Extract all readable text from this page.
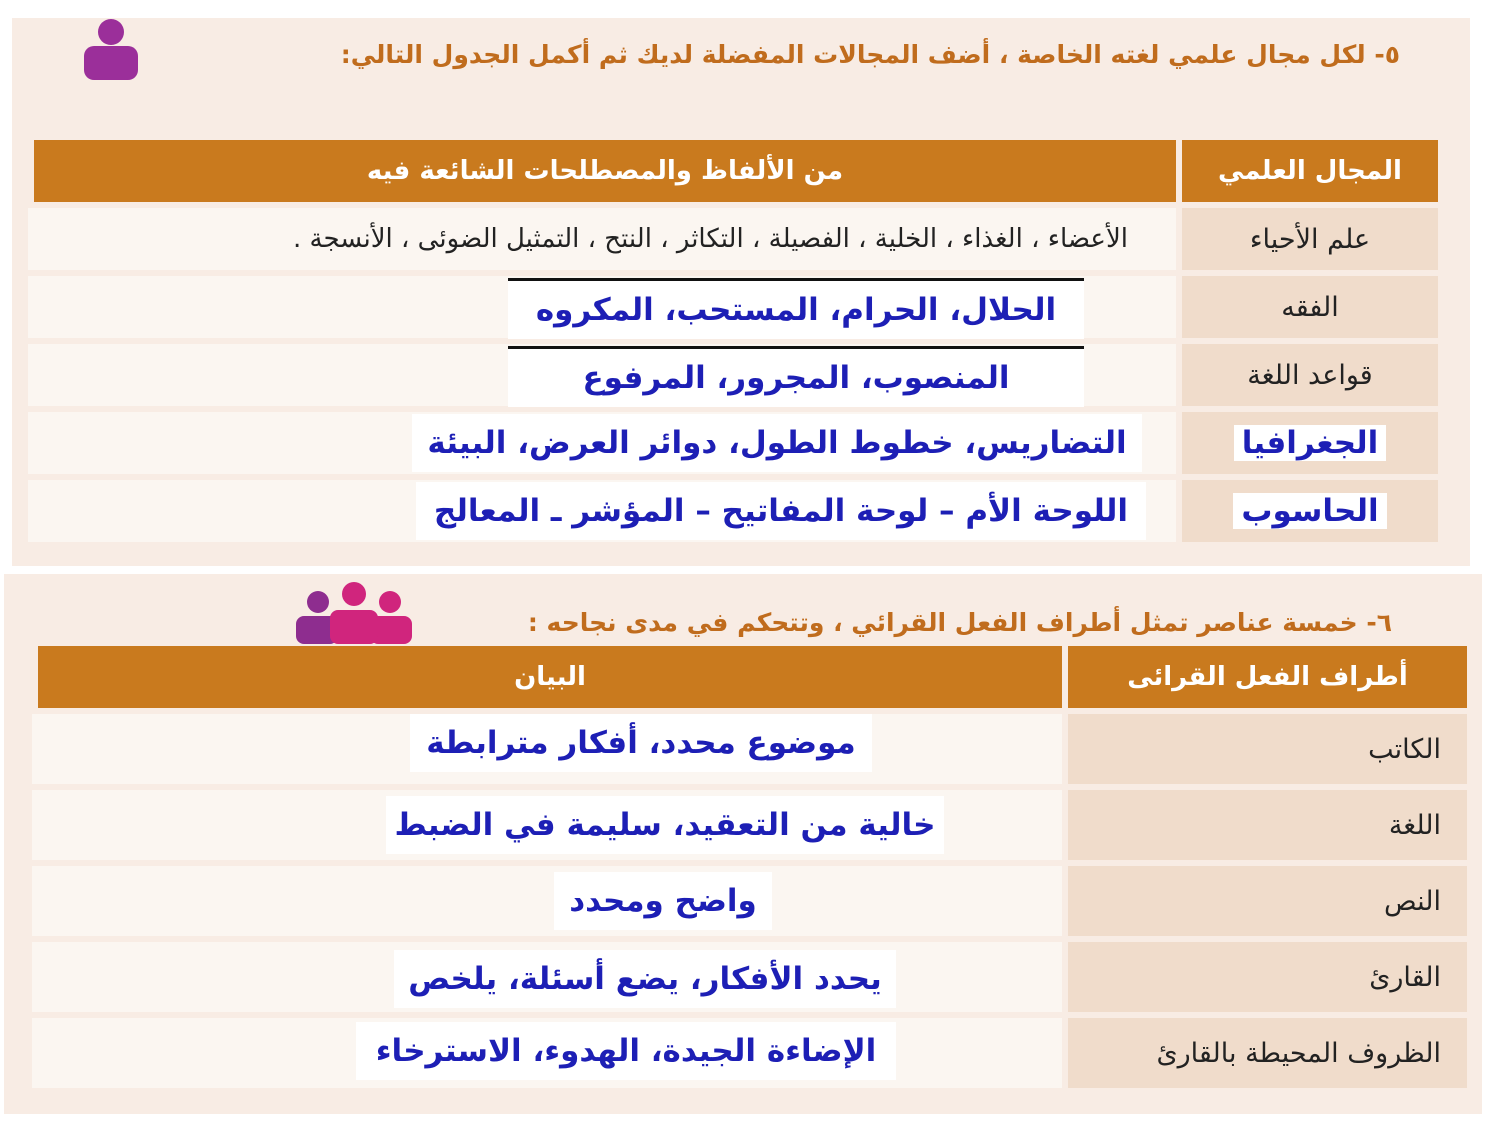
٥- لكل مجال علمي لغته الخاصة ، أضف المجالات المفضلة لديك ثم أكمل الجدول التالي:
المجال العلمي	من الألفاظ والمصطلحات الشائعة فيه
علم الأحياء	الأعضاء ، الغذاء ، الخلية ، الفصيلة ، التكاثر ، النتح ، التمثيل الضوئى ، الأنسجة .

الفقه	الحلال، الحرام، المستحب، المكروه

قواعد اللغة	المنصوب، المجرور، المرفوع

الجغرافيا	التضاريس، خطوط الطول، دوائر العرض، البيئة

الحاسوب	اللوحة الأم – لوحة المفاتيح – المؤشر ـ المعالج
٦- خمسة عناصر تمثل أطراف الفعل القرائي ، وتتحكم في مدى نجاحه :
أطراف الفعل القرائى	البيان
الكاتب	موضوع محدد، أفكار مترابطة

اللغة	خالية من التعقيد، سليمة في الضبط

النص	واضح ومحدد

القارئ	يحدد الأفكار، يضع أسئلة، يلخص

الظروف المحيطة بالقارئ	الإضاءة الجيدة، الهدوء، الاسترخاء
